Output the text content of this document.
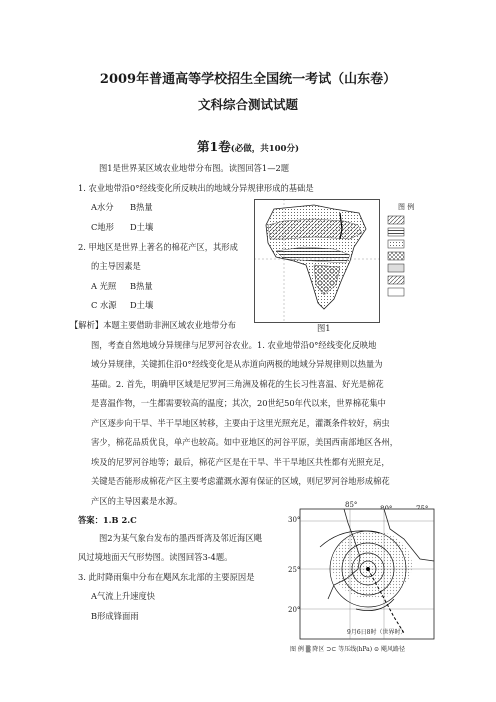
2009年普通高等学校招生全国统一考试（山东卷）
文科综合测试试题
第1卷(必做，共100分)
图1是世界某区域农业地带分布图。读图回答1—2题
1. 农业地带沿0°经线变化所反映出的地域分异规律形成的基础是
A水分 B热量
C地形 D土壤
2. 甲地区是世界上著名的棉花产区，其形成
的主导因素是
A 光照 B热量
C 水源 D土壤
图 例
图1
【解析】本题主要借助非洲区域农业地带分布
图，考查自然地域分异规律与尼罗河谷农业。1. 农业地带沿0°经线变化反映地
域分异规律，关键抓住沿0°经线变化是从赤道向两极的地域分异规律则以热量为
基础。2. 首先，明确甲区域是尼罗河三角洲及棉花的生长习性喜温、好光是棉花
是喜温作物，一生都需要较高的温度；其次，20世纪50年代以来，世界棉花集中
产区逐步向干旱、半干旱地区转移，主要由于这里光照充足，灌溉条件较好，病虫
害少，棉花品质优良，单产也较高。如中亚地区的河谷平原，美国西南部地区各州，
埃及的尼罗河谷地等；最后，棉花产区是在干旱、半干旱地区共性都有光照充足，
关键是否能形成棉花产区主要考虑灌溉水源有保证的区域，则尼罗河谷地形成棉花
产区的主导因素是水源。
答案：1.B 2.C
图2为某气象台发布的墨西哥湾及邻近海区飓
风过境地面天气形势图。读图回答3-4题。
3. 此时降雨集中分布在飓风东北部的主要原因是
A气流上升速度快
B形成锋面雨
85°
30°
25°
20°
9月6日8时（世界时）
图 例 ▒ 降区 ⊃⊂ 等压线(hPa) ⊙ 飓风路径
